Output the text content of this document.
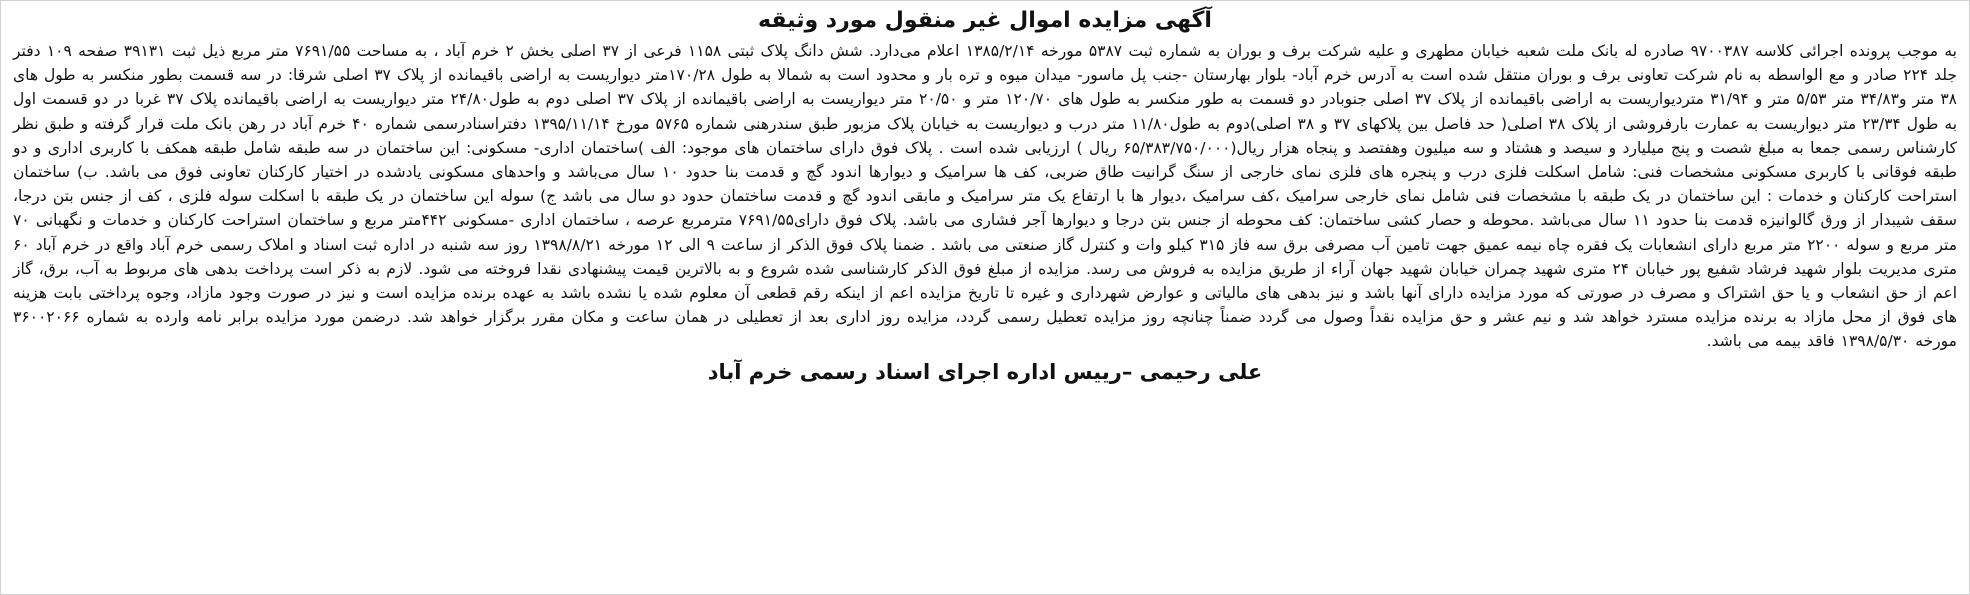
آگهی مزایده اموال غیر منقول مورد وثیقه

به موجب پرونده اجرائی کلاسه ۹۷۰۰۳۸۷ صادره له بانک ملت شعبه خیابان مطهری و علیه شرکت برف و بوران به شماره ثبت ۵۳۸۷ مورخه ۱۳۸۵/۲/۱۴ اعلام می‌دارد. شش دانگ پلاک ثبتی ۱۱۵۸ فرعی از ۳۷ اصلی بخش ۲ خرم آباد ، به مساحت ۷۶۹۱/۵۵ متر مربع ذیل ثبت ۳۹۱۳۱ صفحه ۱۰۹ دفتر جلد ۲۲۴ صادر و مع الواسطه به نام شرکت تعاونی برف و بوران منتقل شده است به آدرس خرم آباد- بلوار بهارستان -جنب پل ماسور- میدان میوه و تره بار و محدود است به شمالا به طول ۱۷۰/۲۸متر دیواریست به اراضی باقیمانده از پلاک ۳۷ اصلی شرقا: در سه قسمت بطور منکسر به طول های ۳۸ متر و۳۴/۸۳ متر ۵/۵۳ متر و ۳۱/۹۴ متردیواریست به اراضی باقیمانده از پلاک ۳۷ اصلی جنوبادر دو قسمت به طور منکسر به طول های ۱۲۰/۷۰ متر و ۲۰/۵۰ متر دیواریست به اراضی باقیمانده از پلاک ۳۷ اصلی دوم به طول۲۴/۸۰ متر دیواریست به اراضی باقیمانده پلاک ۳۷ غربا در دو قسمت اول به طول ۲۳/۳۴ متر دیواریست به عمارت بارفروشی از پلاک ۳۸ اصلی( حد فاصل بین پلاکهای ۳۷ و ۳۸ اصلی)دوم به طول۱۱/۸۰ متر درب و دیواریست به خیابان پلاک مزبور طبق سندرهنی شماره ۵۷۶۵ مورخ ۱۳۹۵/۱۱/۱۴ دفتراسنادرسمی شماره ۴۰ خرم آباد در رهن بانک ملت قرار گرفته و طبق نظر کارشناس رسمی جمعا به مبلغ شصت و پنج میلیارد و سیصد و هشتاد و سه میلیون وهفتصد و پنجاه هزار ریال(۶۵/۳۸۳/۷۵۰/۰۰۰ ریال ) ارزیابی شده است . پلاک فوق دارای ساختمان های موجود: الف )ساختمان اداری- مسکونی: این ساختمان در سه طبقه شامل طبقه همکف با کاربری اداری و دو طبقه فوقانی با کاربری مسکونی مشخصات فنی: شامل اسکلت فلزی درب و پنجره های فلزی نمای خارجی از سنگ گرانیت طاق ضربی، کف ها سرامیک و دیوارها اندود گچ و قدمت بنا حدود ۱۰ سال می‌باشد و واحدهای مسکونی یادشده در اختیار کارکنان تعاونی فوق می باشد. ب) ساختمان استراحت کارکنان و خدمات : این ساختمان در یک طبقه با مشخصات فنی شامل نمای خارجی سرامیک ،کف سرامیک ،دیوار ها با ارتفاع یک متر سرامیک و مابقی اندود گچ و قدمت ساختمان حدود دو سال می باشد ج) سوله این ساختمان در یک طبقه با اسکلت سوله فلزی ، کف از جنس بتن درجا، سقف شیبدار از ورق گالوانیزه قدمت بنا حدود ۱۱ سال می‌باشد .محوطه و حصار کشی ساختمان: کف محوطه از جنس بتن درجا و دیوارها آجر فشاری می باشد. پلاک فوق دارای۷۶۹۱/۵۵ مترمربع عرصه ، ساختمان اداری -مسکونی ۴۴۲متر مربع و ساختمان استراحت کارکنان و خدمات و نگهبانی ۷۰ متر مربع و سوله ۲۲۰۰ متر مربع دارای انشعابات یک فقره چاه نیمه عمیق جهت تامین آب مصرفی برق سه فاز ۳۱۵ کیلو وات و کنترل گاز صنعتی می باشد . ضمنا پلاک فوق الذکر از ساعت ۹ الی ۱۲ مورخه ۱۳۹۸/۸/۲۱ روز سه شنبه در اداره ثبت اسناد و املاک رسمی خرم آباد واقع در خرم آباد ۶۰ متری مدیریت بلوار شهید فرشاد شفیع پور خیابان ۲۴ متری شهید چمران خیابان شهید جهان آراء از طریق مزایده به فروش می رسد. مزایده از مبلغ فوق الذکر کارشناسی شده شروع و به بالاترین قیمت پیشنهادی نقدا فروخته می شود. لازم به ذکر است پرداخت بدهی های مربوط به آب، برق، گاز اعم از حق انشعاب و یا حق اشتراک و مصرف در صورتی که مورد مزایده دارای آنها باشد و نیز بدهی های مالیاتی و عوارض شهرداری و غیره تا تاریخ مزایده اعم از اینکه رقم قطعی آن معلوم شده یا نشده باشد به عهده برنده مزایده است و نیز در صورت وجود مازاد، وجوه پرداختی بابت هزینه های فوق از محل مازاد به برنده مزایده مسترد خواهد شد و نیم عشر و حق مزایده نقداً وصول می گردد ضمناً چنانچه روز مزایده تعطیل رسمی گردد، مزایده روز اداری بعد از تعطیلی در همان ساعت و مکان مقرر برگزار خواهد شد. درضمن مورد مزایده برابر نامه وارده به شماره ۳۶۰۰۲۰۶۶ مورخه ۱۳۹۸/۵/۳۰ فاقد بیمه می باشد.

علی رحیمی –رییس اداره اجرای اسناد رسمی خرم آباد
